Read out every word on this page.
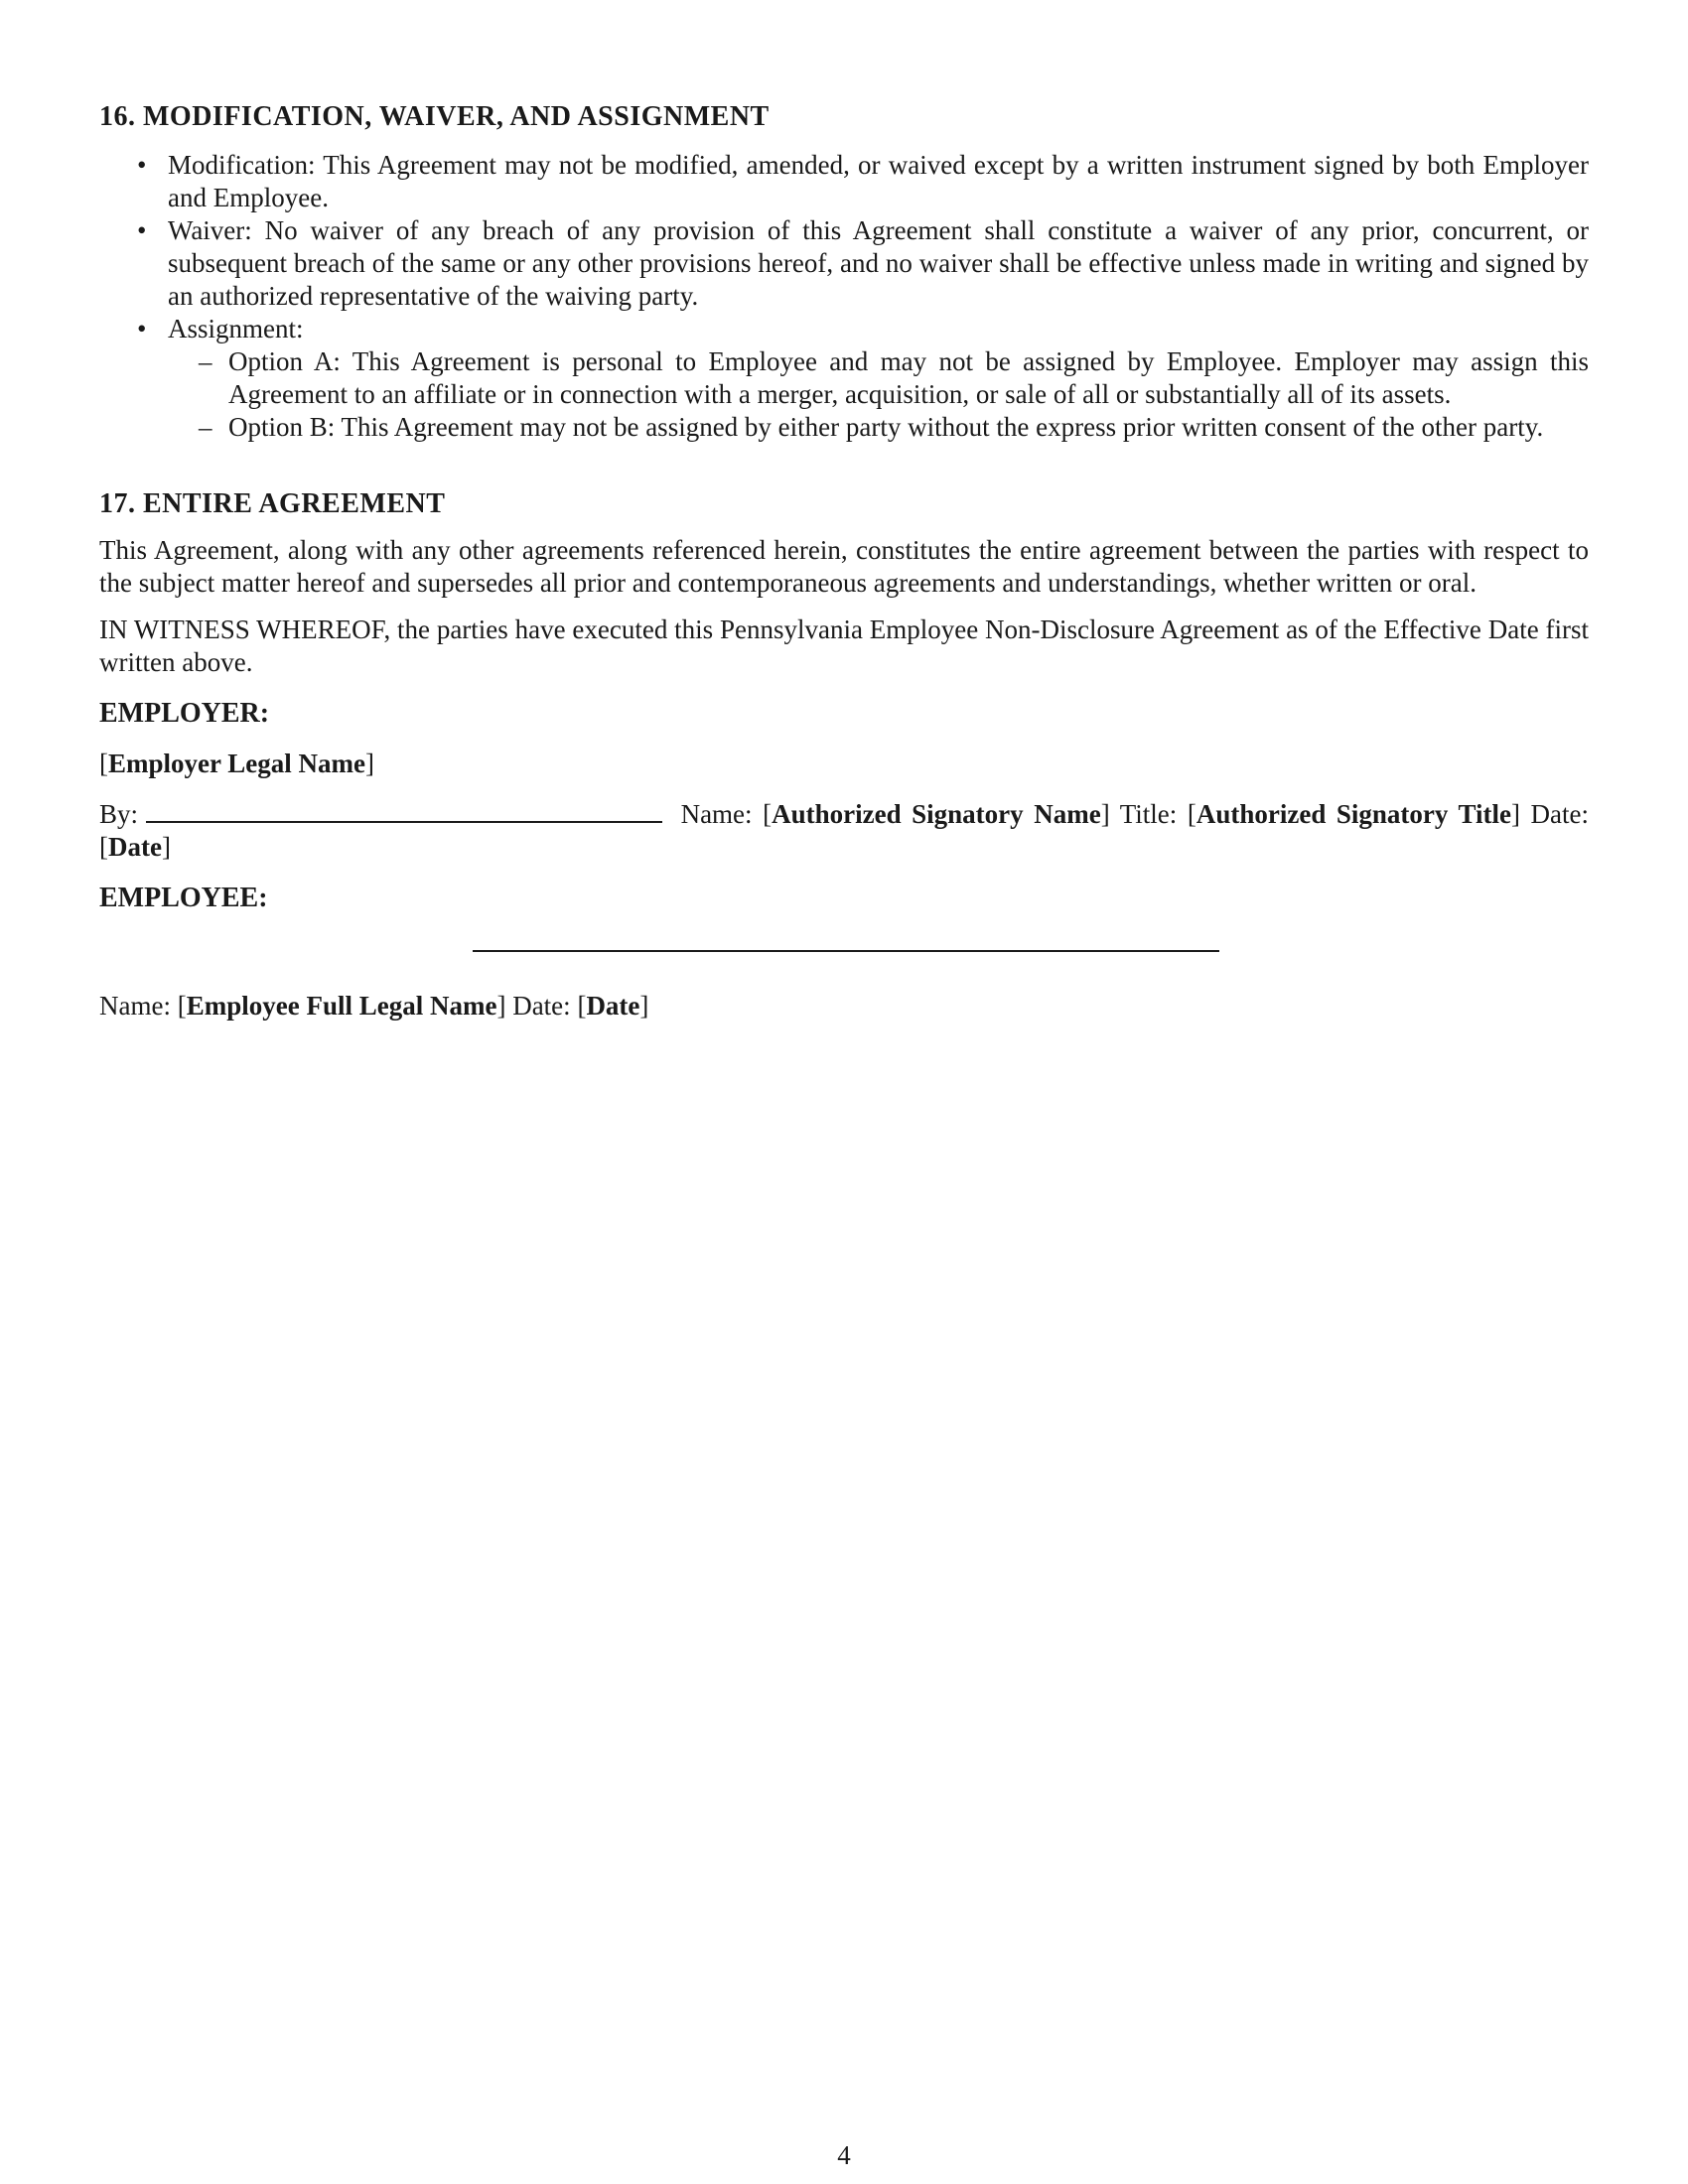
16. MODIFICATION, WAIVER, AND ASSIGNMENT
• Modification: This Agreement may not be modified, amended, or waived except by a written instrument signed by both Employer and Employee.
• Waiver: No waiver of any breach of any provision of this Agreement shall constitute a waiver of any prior, concurrent, or subsequent breach of the same or any other provisions hereof, and no waiver shall be effective unless made in writing and signed by an authorized representative of the waiving party.
• Assignment:
– Option A: This Agreement is personal to Employee and may not be assigned by Employee. Employer may assign this Agreement to an affiliate or in connection with a merger, acquisition, or sale of all or substantially all of its assets.
– Option B: This Agreement may not be assigned by either party without the express prior written consent of the other party.
17. ENTIRE AGREEMENT

This Agreement, along with any other agreements referenced herein, constitutes the entire agreement between the parties with respect to the subject matter hereof and supersedes all prior and contemporaneous agreements and understandings, whether written or oral.

IN WITNESS WHEREOF, the parties have executed this Pennsylvania Employee Non-Disclosure Agreement as of the Effective Date first written above.

EMPLOYER:
[Employer Legal Name]

By:	Name: [Authorized Signatory Name] Title: [Authorized Signatory Title] Date: [Date]

EMPLOYEE:
Name: [Employee Full Legal Name] Date: [Date]
4
